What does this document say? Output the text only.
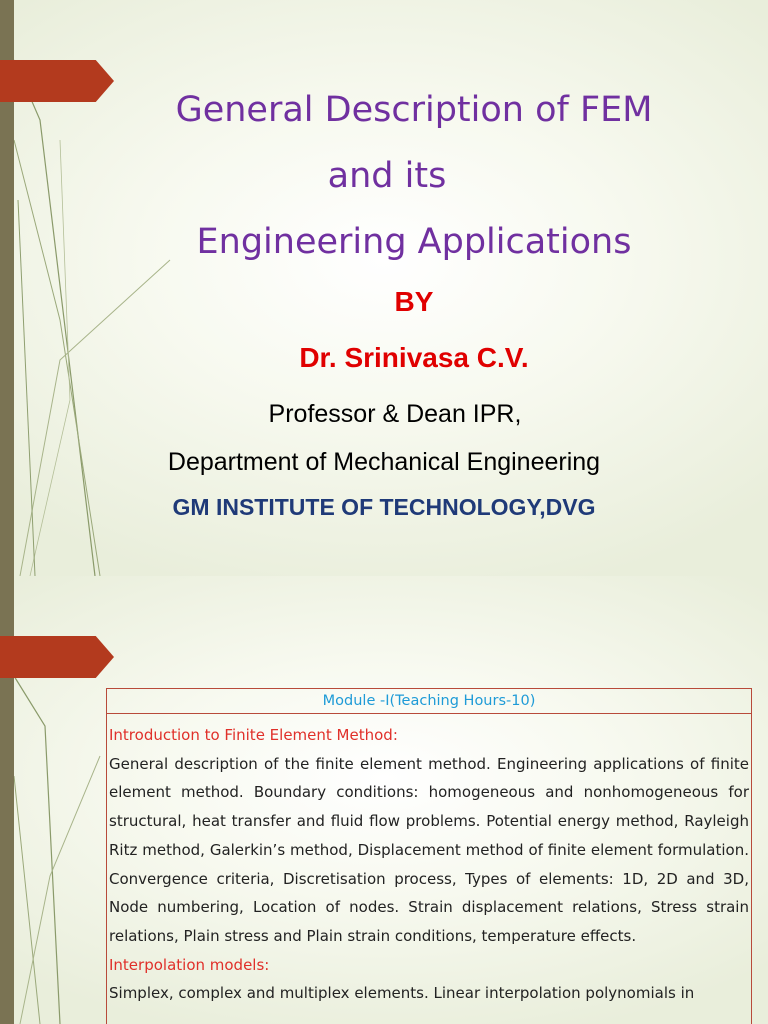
General Description of FEM
and its
Engineering Applications
BY
Dr. Srinivasa C.V.
Professor & Dean IPR,
Department of Mechanical Engineering
GM INSTITUTE OF TECHNOLOGY,DVG
Module -I(Teaching Hours-10)
Introduction to Finite Element Method:
General description of the finite element method. Engineering applications of finite element method. Boundary conditions: homogeneous and nonhomogeneous for structural, heat transfer and fluid flow problems. Potential energy method, Rayleigh Ritz method, Galerkin’s method, Displacement method of finite element formulation. Convergence criteria, Discretisation process, Types of elements: 1D, 2D and 3D, Node numbering, Location of nodes. Strain displacement relations, Stress strain relations, Plain stress and Plain strain conditions, temperature effects.
Interpolation models:
Simplex, complex and multiplex elements. Linear interpolation polynomials in
